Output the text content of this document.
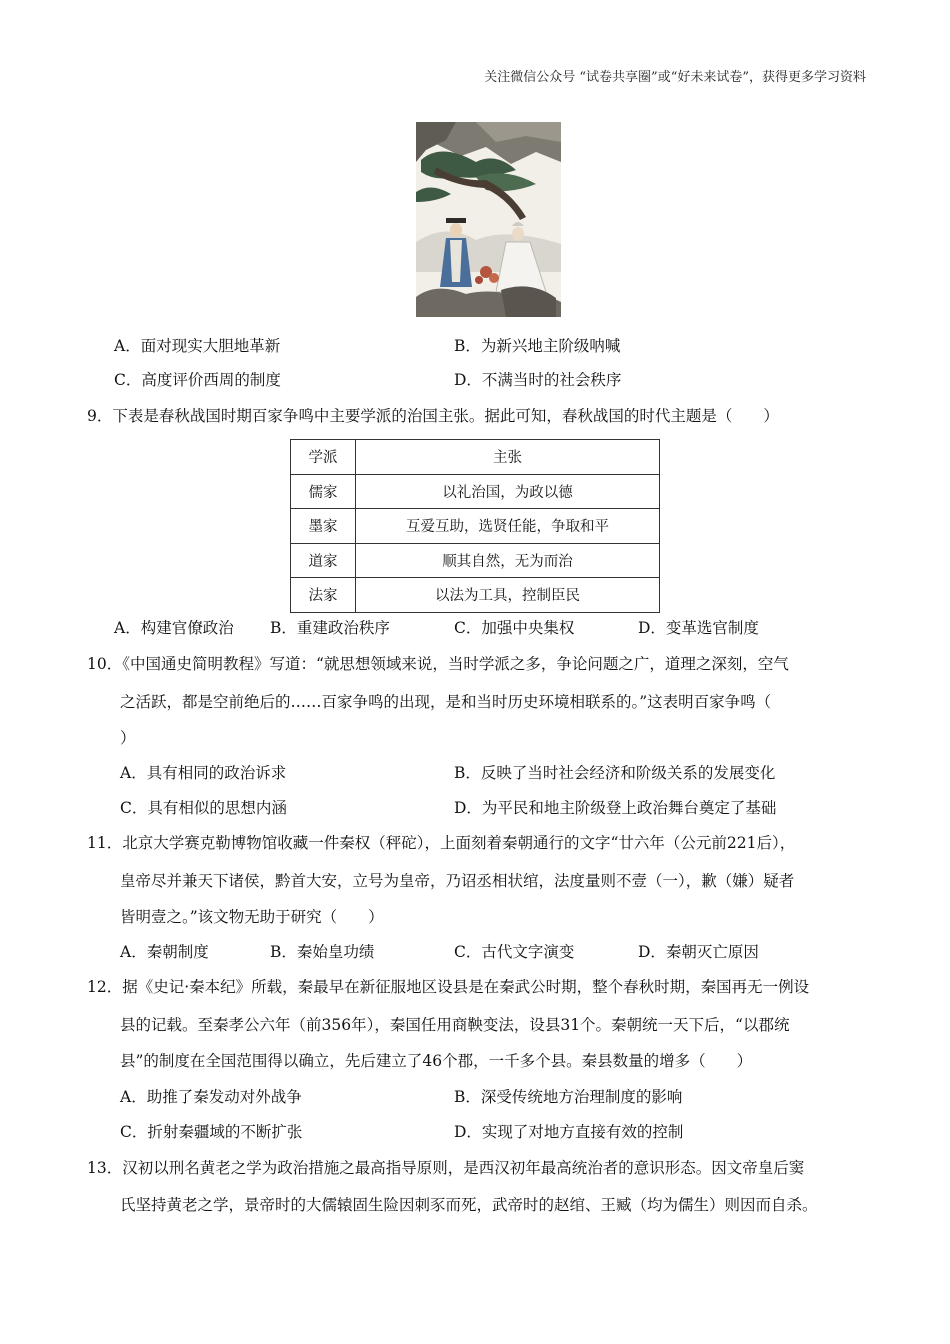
关注微信公众号 “试卷共享圈”或“好未来试卷”，获得更多学习资料
A．面对现实大胆地革新	B．为新兴地主阶级呐喊
C．高度评价西周的制度	D．不满当时的社会秩序
9．下表是春秋战国时期百家争鸣中主要学派的治国主张。据此可知，春秋战国的时代主题是（　　）
学派	主张
儒家	以礼治国，为政以德
墨家	互爱互助，选贤任能，争取和平
道家	顺其自然，无为而治
法家	以法为工具，控制臣民
A．构建官僚政治 B．重建政治秩序	C．加强中央集权	D．变革选官制度
10．《中国通史简明教程》写道：“就思想领域来说，当时学派之多，争论问题之广，道理之深刻，空气
之活跃，都是空前绝后的……百家争鸣的出现，是和当时历史环境相联系的。”这表明百家争鸣（
）
A．具有相同的政治诉求	B．反映了当时社会经济和阶级关系的发展变化
C．具有相似的思想内涵	D．为平民和地主阶级登上政治舞台奠定了基础
11．北京大学赛克勒博物馆收藏一件秦权（秤砣），上面刻着秦朝通行的文字“廿六年（公元前221后），
皇帝尽并兼天下诸侯，黔首大安，立号为皇帝，乃诏丞相状绾，法度量则不壹（一），歉（嫌）疑者
皆明壹之。”该文物无助于研究（　　）
A．秦朝制度	B．秦始皇功绩	C．古代文字演变	D．秦朝灭亡原因
12．据《史记·秦本纪》所载，秦最早在新征服地区设县是在秦武公时期，整个春秋时期，秦国再无一例设
县的记载。至秦孝公六年（前356年），秦国任用商鞅变法，设县31个。秦朝统一天下后，“以郡统
县”的制度在全国范围得以确立，先后建立了46个郡，一千多个县。秦县数量的增多（　　）
A．助推了秦发动对外战争	B．深受传统地方治理制度的影响
C．折射秦疆域的不断扩张	D．实现了对地方直接有效的控制
13．汉初以刑名黄老之学为政治措施之最高指导原则，是西汉初年最高统治者的意识形态。因文帝皇后窦
氏坚持黄老之学，景帝时的大儒辕固生险因刺豕而死，武帝时的赵绾、王臧（均为儒生）则因而自杀。
